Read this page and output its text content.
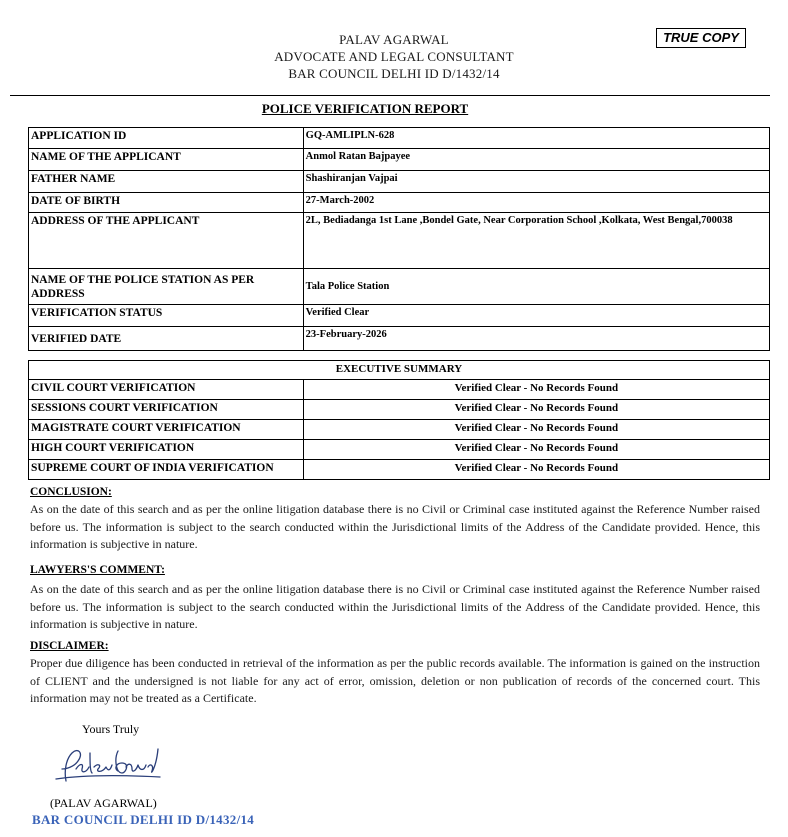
PALAV AGARWAL
ADVOCATE AND LEGAL CONSULTANT
BAR COUNCIL DELHI ID D/1432/14
TRUE COPY
POLICE VERIFICATION REPORT
APPLICATION ID	GQ-AMLIPLN-628
NAME OF THE APPLICANT	Anmol Ratan Bajpayee
FATHER NAME	Shashiranjan Vajpai
DATE OF BIRTH	27-March-2002
ADDRESS OF THE APPLICANT	2L, Bediadanga 1st Lane ,Bondel Gate, Near Corporation School ,Kolkata, West Bengal,700038
NAME OF THE POLICE STATION AS PER ADDRESS	Tala Police Station
VERIFICATION STATUS	Verified Clear
VERIFIED DATE	23-February-2026
EXECUTIVE SUMMARY	
CIVIL COURT VERIFICATION	Verified Clear - No Records Found
SESSIONS COURT VERIFICATION	Verified Clear - No Records Found
MAGISTRATE COURT VERIFICATION	Verified Clear - No Records Found
HIGH COURT VERIFICATION	Verified Clear - No Records Found
SUPREME COURT OF INDIA VERIFICATION	Verified Clear - No Records Found
CONCLUSION:
As on the date of this search and as per the online litigation database there is no Civil or Criminal case instituted against the Reference Number raised before us. The information is subject to the search conducted within the Jurisdictional limits of the Address of the Candidate provided. Hence, this information is subjective in nature.
LAWYERS'S COMMENT:
As on the date of this search and as per the online litigation database there is no Civil or Criminal case instituted against the Reference Number raised before us. The information is subject to the search conducted within the Jurisdictional limits of the Address of the Candidate provided. Hence, this information is subjective in nature.
DISCLAIMER:
Proper due diligence has been conducted in retrieval of the information as per the public records available. The information is gained on the instruction of CLIENT and the undersigned is not liable for any act of error, omission, deletion or non publication of records of the concerned court. This information may not be treated as a Certificate.
Yours Truly
(PALAV AGARWAL)
BAR COUNCIL DELHI ID D/1432/14
